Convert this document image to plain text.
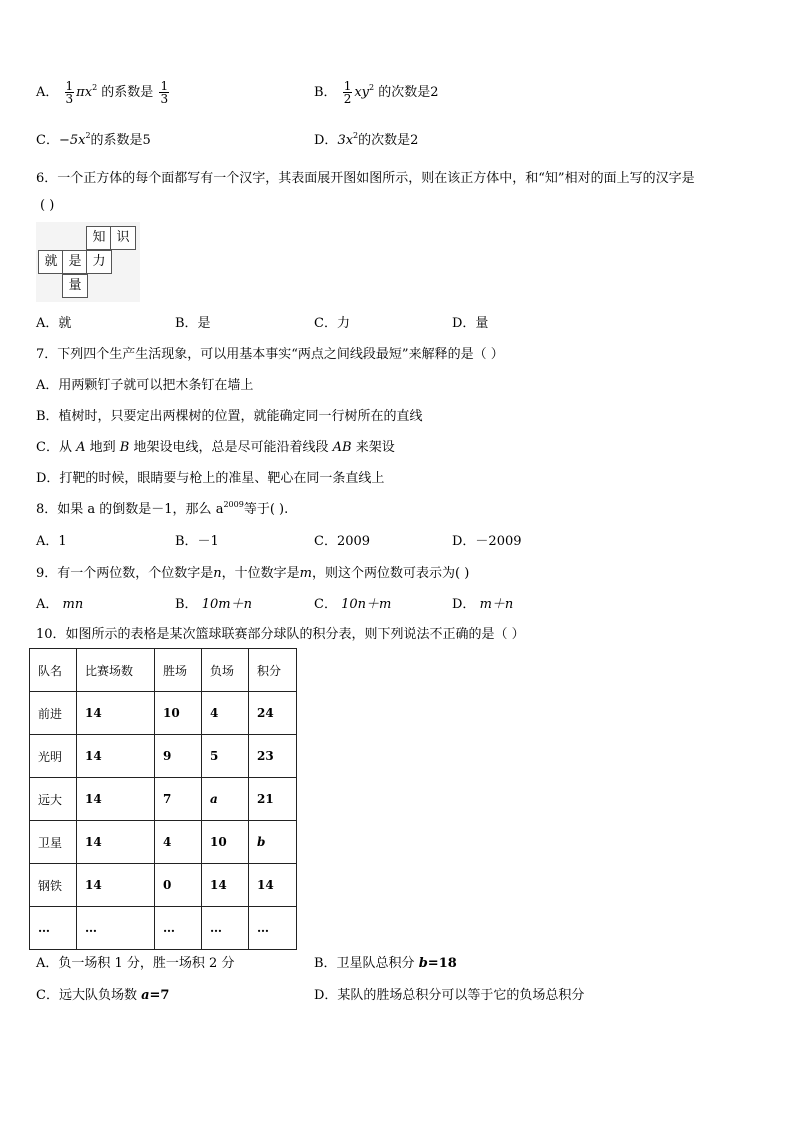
A． $\frac{1}{3} \pi x^2$ 的系数是 $\frac{1}{3}$	B． $\frac{1}{2} xy^2$ 的次数是2
C．$-5x^2$的系数是5	D．$3x^2$的次数是2
6．一个正方体的每个面都写有一个汉字，其表面展开图如图所示，则在该正方体中，和“知”相对的面上写的汉字是
( )
知 识
就 是 力
量
A．就	B．是	C．力	D．量
7．下列四个生产生活现象，可以用基本事实“两点之间线段最短”来解释的是（ ）
A．用两颗钉子就可以把木条钉在墙上
B．植树时，只要定出两棵树的位置，就能确定同一行树所在的直线
C．从 A 地到 B 地架设电线，总是尽可能沿着线段 AB 来架设
D．打靶的时候，眼睛要与枪上的准星、靶心在同一条直线上
8．如果 a 的倒数是－1，那么 $a^{2009}$等于( ).
A．1	B．－1	C．2009	D．－2009
9．有一个两位数，个位数字是n，十位数字是m，则这个两位数可表示为( )
A． mn	B． 10m＋n	C． 10n＋m	D． m＋n
10．如图所示的表格是某次篮球联赛部分球队的积分表，则下列说法不正确的是（ ）
队名	比赛场数	胜场	负场	积分
前进	14	10	4	24
光明	14	9	5	23
远大	14	7	a	21
卫星	14	4	10	b
钢铁	14	0	14	14
…	…	…	…	…
A．负一场积 1 分，胜一场积 2 分	B．卫星队总积分 b=18
C．远大队负场数 a=7	D．某队的胜场总积分可以等于它的负场总积分
